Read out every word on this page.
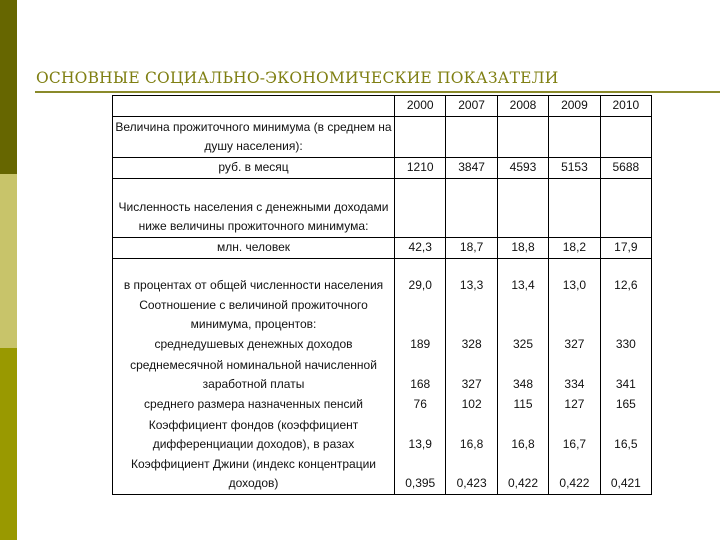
ОСНОВНЫЕ СОЦИАЛЬНО-ЭКОНОМИЧЕСКИЕ ПОКАЗАТЕЛИ
2000	2007	2008	2009	2010
Величина прожиточного минимума (в среднем на душу населения):
руб. в месяц	1210	3847	4593	5153	5688
Численность населения с денежными доходами ниже величины прожиточного минимума:
млн. человек	42,3	18,7	18,8	18,2	17,9
в процентах от общей численности населения	29,0	13,3	13,4	13,0	12,6
Соотношение с величиной прожиточного минимума, процентов:
среднедушевых денежных доходов	189	328	325	327	330
среднемесячной номинальной начисленной заработной платы	168	327	348	334	341
среднего размера назначенных пенсий	76	102	115	127	165
Коэффициент фондов (коэффициент дифференциации доходов), в разах	13,9	16,8	16,8	16,7	16,5
Коэффициент Джини (индекс концентрации доходов)	0,395	0,423	0,422	0,422	0,421
